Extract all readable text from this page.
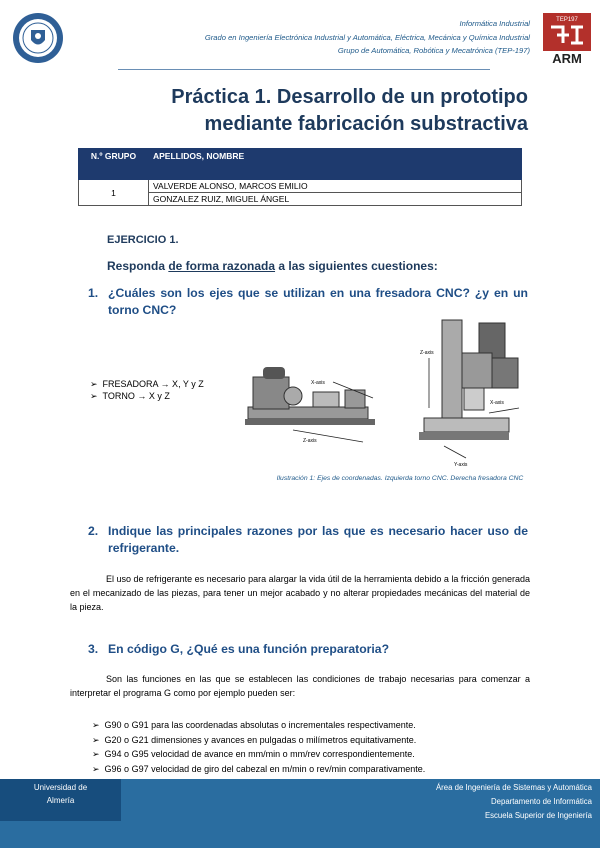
Informática Industrial
Grado en Ingeniería Electrónica Industrial y Automática, Eléctrica, Mecánica y Química Industrial
Grupo de Automática, Robótica y Mecatrónica (TEP-197)
TEP197
ARM
Práctica 1. Desarrollo de un prototipo
mediante fabricación substractiva
N.º GRUPO	APELLIDOS, NOMBRE
1	VALVERDE ALONSO, MARCOS EMILIO
	GONZALEZ RUIZ, MIGUEL ÁNGEL
EJERCICIO 1.
Responda de forma razonada a las siguientes cuestiones:
1. ¿Cuáles son los ejes que se utilizan en una fresadora CNC? ¿y en un torno CNC?
➢  FRESADORA → X, Y y Z
➢  TORNO → X y Z
X-axis
Z-axis
Z-axis
X-axis
Y-axis
Ilustración 1: Ejes de coordenadas. Izquierda torno CNC. Derecha fresadora CNC
2. Indique las principales razones por las que es necesario hacer uso de refrigerante.
El uso de refrigerante es necesario para alargar la vida útil de la herramienta debido a la fricción generada en el mecanizado de las piezas, para tener un mejor acabado y no alterar propiedades mecánicas del material de la pieza.
3. En código G, ¿Qué es una función preparatoria?
Son las funciones en las que se establecen las condiciones de trabajo necesarias para comenzar a interpretar el programa G como por ejemplo pueden ser:
➢  G90 o G91 para las coordenadas absolutas o incrementales respectivamente.
➢  G20 o G21 dimensiones y avances en pulgadas o milímetros equitativamente.
➢  G94 o G95 velocidad de avance en mm/min o mm/rev correspondientemente.
➢  G96 o G97 velocidad de giro del cabezal en m/min o rev/min comparativamente.
Universidad de
Almería
Área de Ingeniería de Sistemas y Automática
Departamento de Informática
Escuela Superior de Ingeniería
